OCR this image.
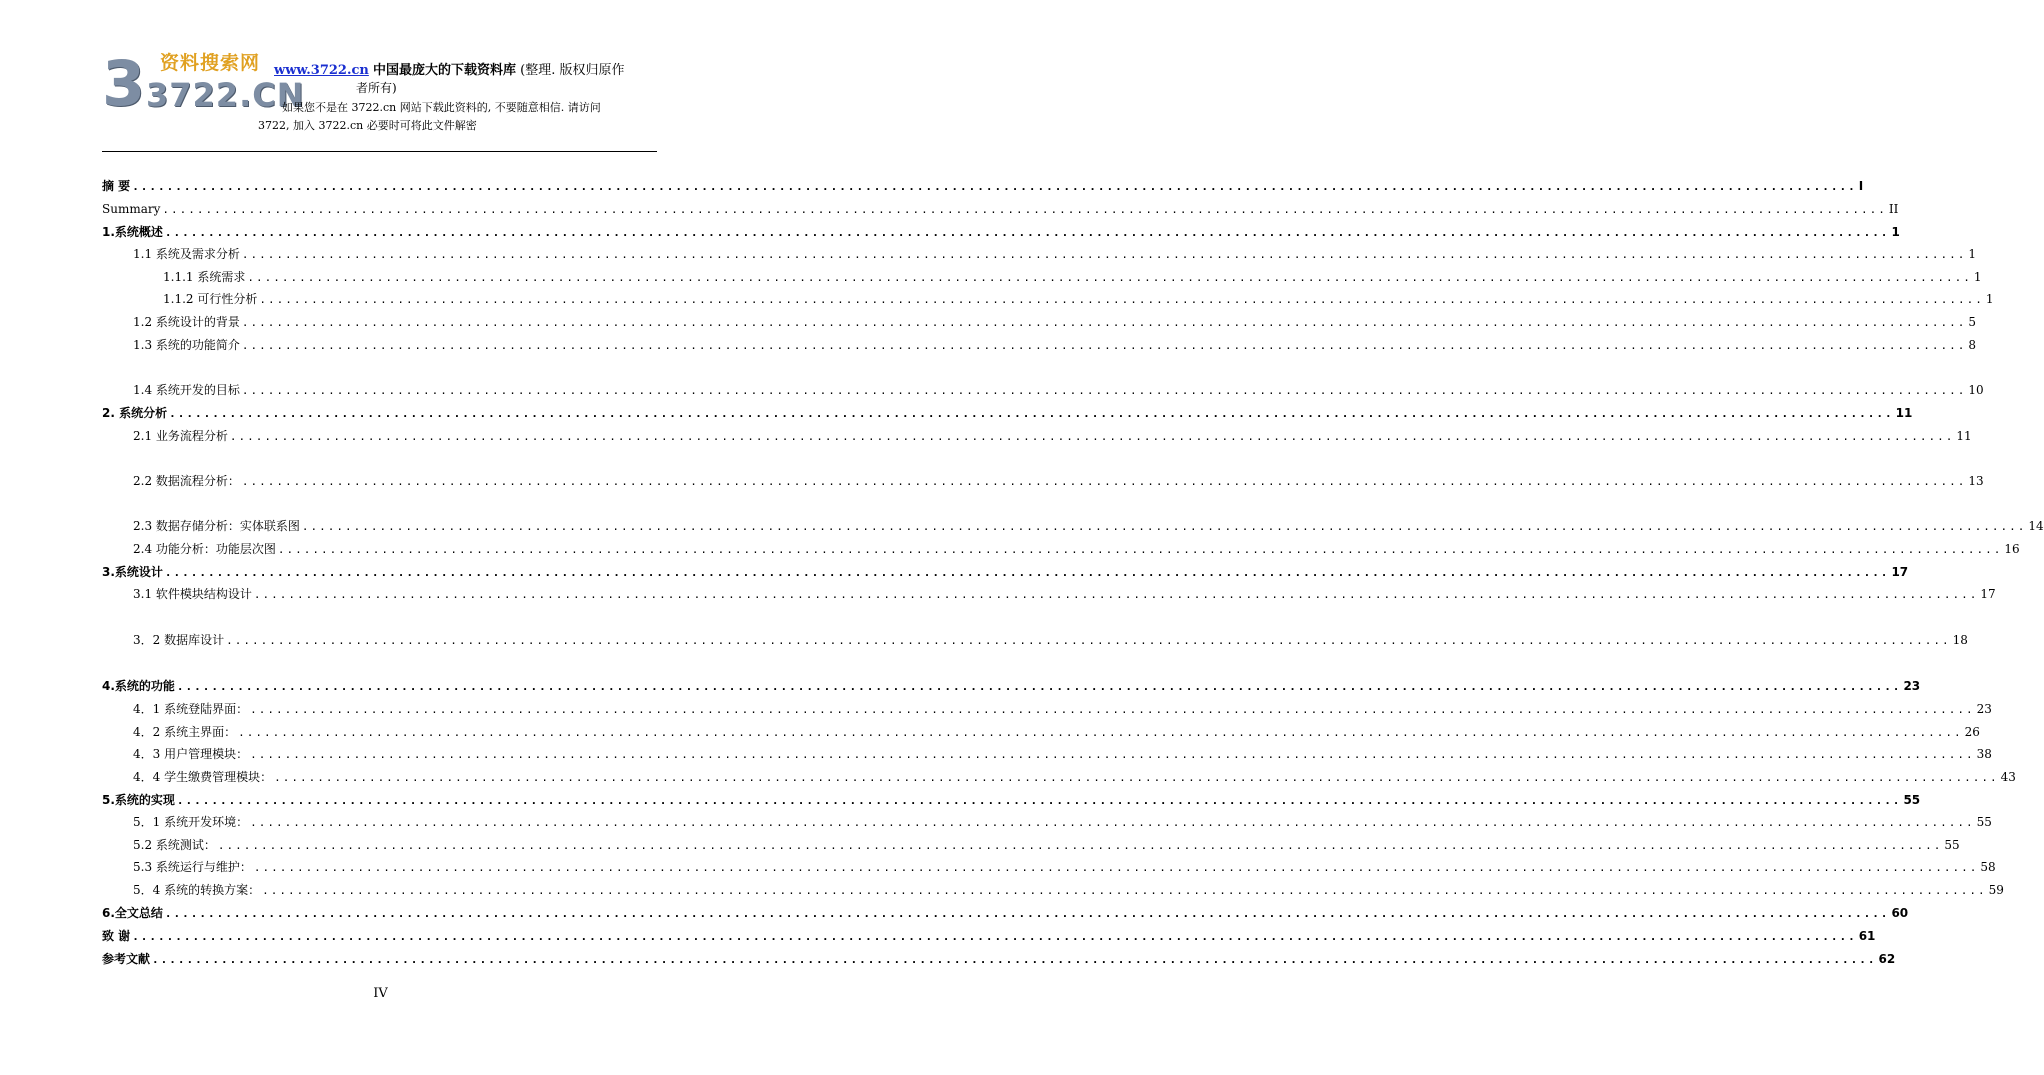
3 资料搜索网
3722.CN
www.3722.cn 中国最庞大的下载资料库 (整理. 版权归原作
者所有)
如果您不是在 3722.cn 网站下载此资料的, 不要随意相信. 请访问
3722, 加入 3722.cn 必要时可将此文件解密
摘 要 ........................................................................................................................................................................................................ I
Summary ........................................................................................................................................................................................................ II
1.系统概述 ........................................................................................................................................................................................................ 1
1.1 系统及需求分析 ........................................................................................................................................................................................................ 1
1.1.1 系统需求 ........................................................................................................................................................................................................ 1
1.1.2 可行性分析 ........................................................................................................................................................................................................ 1
1.2 系统设计的背景 ........................................................................................................................................................................................................ 5
1.3 系统的功能简介 ........................................................................................................................................................................................................ 8
1.4 系统开发的目标 ........................................................................................................................................................................................................ 10
2. 系统分析 ........................................................................................................................................................................................................ 11
2.1 业务流程分析 ........................................................................................................................................................................................................ 11
2.2 数据流程分析： ........................................................................................................................................................................................................ 13
2.3 数据存储分析：实体联系图 ........................................................................................................................................................................................................ 14
2.4 功能分析：功能层次图 ........................................................................................................................................................................................................ 16
3.系统设计 ........................................................................................................................................................................................................ 17
3.1 软件模块结构设计 ........................................................................................................................................................................................................ 17
3．2 数据库设计 ........................................................................................................................................................................................................ 18
4.系统的功能 ........................................................................................................................................................................................................ 23
4．1 系统登陆界面： ........................................................................................................................................................................................................ 23
4．2 系统主界面： ........................................................................................................................................................................................................ 26
4．3 用户管理模块： ........................................................................................................................................................................................................ 38
4．4 学生缴费管理模块： ........................................................................................................................................................................................................ 43
5.系统的实现 ........................................................................................................................................................................................................ 55
5．1 系统开发环境： ........................................................................................................................................................................................................ 55
5.2 系统测试： ........................................................................................................................................................................................................ 55
5.3 系统运行与维护： ........................................................................................................................................................................................................ 58
5．4 系统的转换方案： ........................................................................................................................................................................................................ 59
6.全文总结 ........................................................................................................................................................................................................ 60
致 谢 ........................................................................................................................................................................................................ 61
参考文献 ........................................................................................................................................................................................................ 62
IV
